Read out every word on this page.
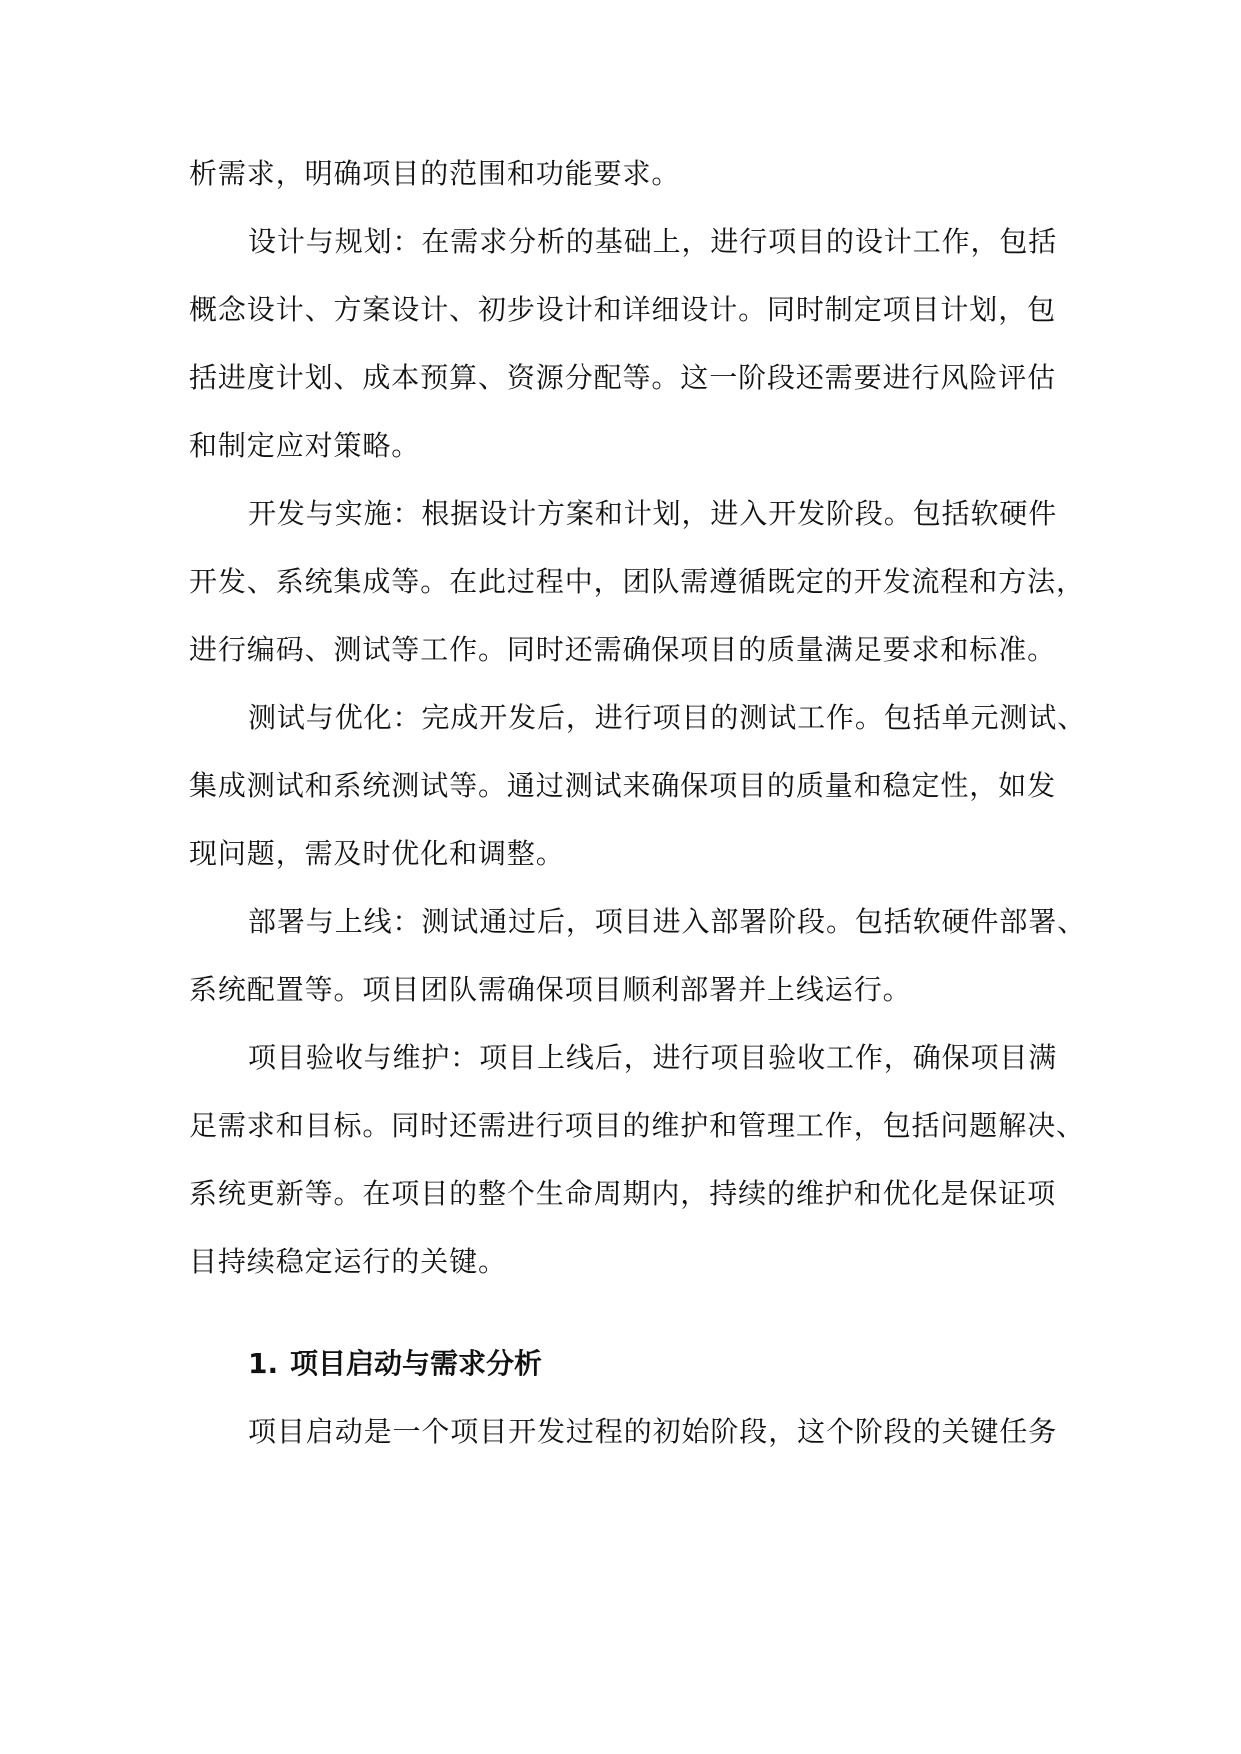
析需求，明确项目的范围和功能要求。
设计与规划：在需求分析的基础上，进行项目的设计工作，包括
概念设计、方案设计、初步设计和详细设计。同时制定项目计划，包
括进度计划、成本预算、资源分配等。这一阶段还需要进行风险评估
和制定应对策略。
开发与实施：根据设计方案和计划，进入开发阶段。包括软硬件
开发、系统集成等。在此过程中，团队需遵循既定的开发流程和方法，
进行编码、测试等工作。同时还需确保项目的质量满足要求和标准。
测试与优化：完成开发后，进行项目的测试工作。包括单元测试、
集成测试和系统测试等。通过测试来确保项目的质量和稳定性，如发
现问题，需及时优化和调整。
部署与上线：测试通过后，项目进入部署阶段。包括软硬件部署、
系统配置等。项目团队需确保项目顺利部署并上线运行。
项目验收与维护：项目上线后，进行项目验收工作，确保项目满
足需求和目标。同时还需进行项目的维护和管理工作，包括问题解决、
系统更新等。在项目的整个生命周期内，持续的维护和优化是保证项
目持续稳定运行的关键。
1. 项目启动与需求分析
项目启动是一个项目开发过程的初始阶段，这个阶段的关键任务
